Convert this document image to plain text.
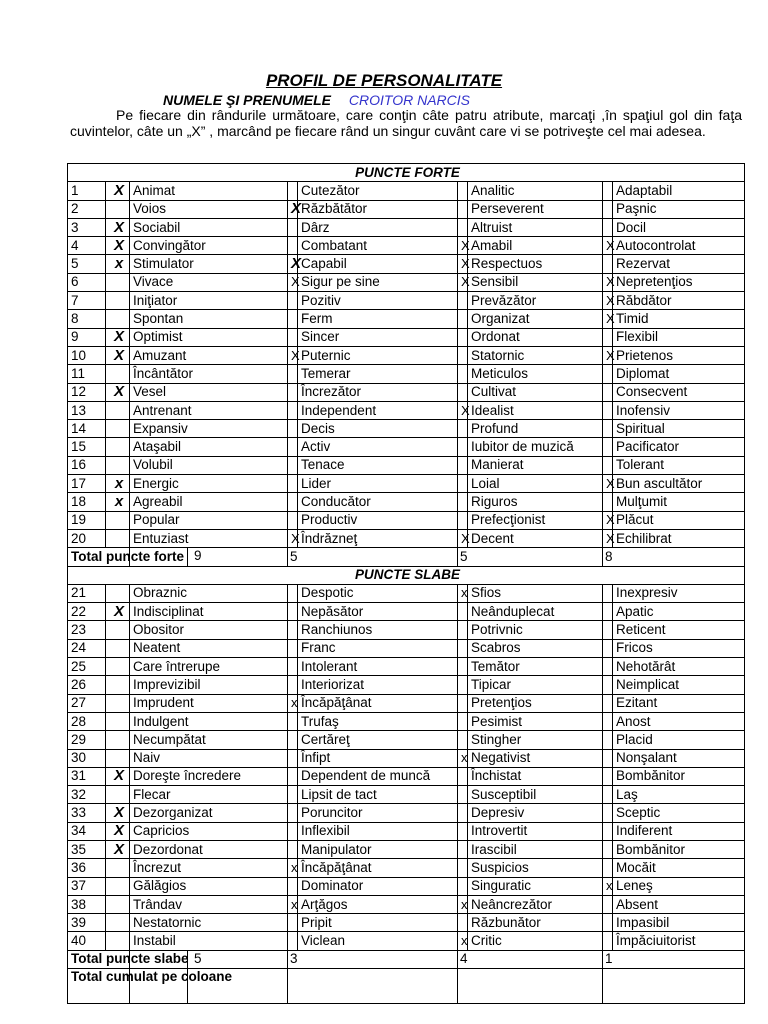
PROFIL DE PERSONALITATE
NUMELE ŞI PRENUMELE CROITOR NARCIS
Pe fiecare din rândurile următoare, care conţin câte patru atribute, marcaţi ,în spaţiul gol din faţa cuvintelor, câte un „X” , marcând pe fiecare rând un singur cuvânt care vi se potriveşte cel mai adesea.
PUNCTE FORTE								
1	X	Animat		Cutezător		Analitic		Adaptabil
2		Voios	X	Răzbătător		Perseverent		Paşnic
3	X	Sociabil		Dârz		Altruist		Docil
4	X	Convingător		Combatant	X	Amabil	X	Autocontrolat
5	x	Stimulator	X	Capabil	X	Respectuos		Rezervat
6		Vivace	X	Sigur pe sine	X	Sensibil	X	Nepretenţios
7		Iniţiator		Pozitiv		Prevăzător	X	Răbdător
8		Spontan		Ferm		Organizat	X	Timid
9	X	Optimist		Sincer		Ordonat		Flexibil
10	X	Amuzant	X	Puternic		Statornic	X	Prietenos
11		Încântător		Temerar		Meticulos		Diplomat
12	X	Vesel		Încrezător		Cultivat		Consecvent
13		Antrenant		Independent	X	Idealist		Inofensiv
14		Expansiv		Decis		Profund		Spiritual
15		Ataşabil		Activ		Iubitor de muzică		Pacificator
16		Volubil		Tenace		Manierat		Tolerant
17	x	Energic		Lider		Loial	X	Bun ascultător
18	x	Agreabil		Conducător		Riguros		Mulţumit
19		Popular		Productiv		Prefecţionist	X	Plăcut
20		Entuziast	X	Îndrăzneţ	X	Decent	X	Echilibrat
Total puncte forte		9	5		5		8	
PUNCTE SLABE								
21		Obraznic		Despotic	x	Sfios		Inexpresiv
22	X	Indisciplinat		Nepăsător		Neânduplecat		Apatic
23		Obositor		Ranchiunos		Potrivnic		Reticent
24		Neatent		Franc		Scabros		Fricos
25		Care întrerupe		Intolerant		Temător		Nehotărât
26		Imprevizibil		Interiorizat		Tipicar		Neimplicat
27		Imprudent	x	Încăpăţânat		Pretenţios		Ezitant
28		Indulgent		Trufaş		Pesimist		Anost
29		Necumpătat		Certăreţ		Stingher		Placid
30		Naiv		Înfipt	x	Negativist		Nonşalant
31	X	Doreşte încredere		Dependent de muncă		Închistat		Bombănitor
32		Flecar		Lipsit de tact		Susceptibil		Laş
33	X	Dezorganizat		Poruncitor		Depresiv		Sceptic
34	X	Capricios		Inflexibil		Introvertit		Indiferent
35	X	Dezordonat		Manipulator		Irascibil		Bombănitor
36		Încrezut	x	Încăpăţânat		Suspicios		Mocăit
37		Gălăgios		Dominator		Singuratic	x	Leneş
38		Trândav	x	Arţăgos	x	Neâncrezător		Absent
39		Nestatornic		Pripit		Răzbunător		Impasibil
40		Instabil		Viclean	x	Critic		Împăciuitorist
Total puncte slabe		5	3		4		1	
Total cumulat pe coloane					
